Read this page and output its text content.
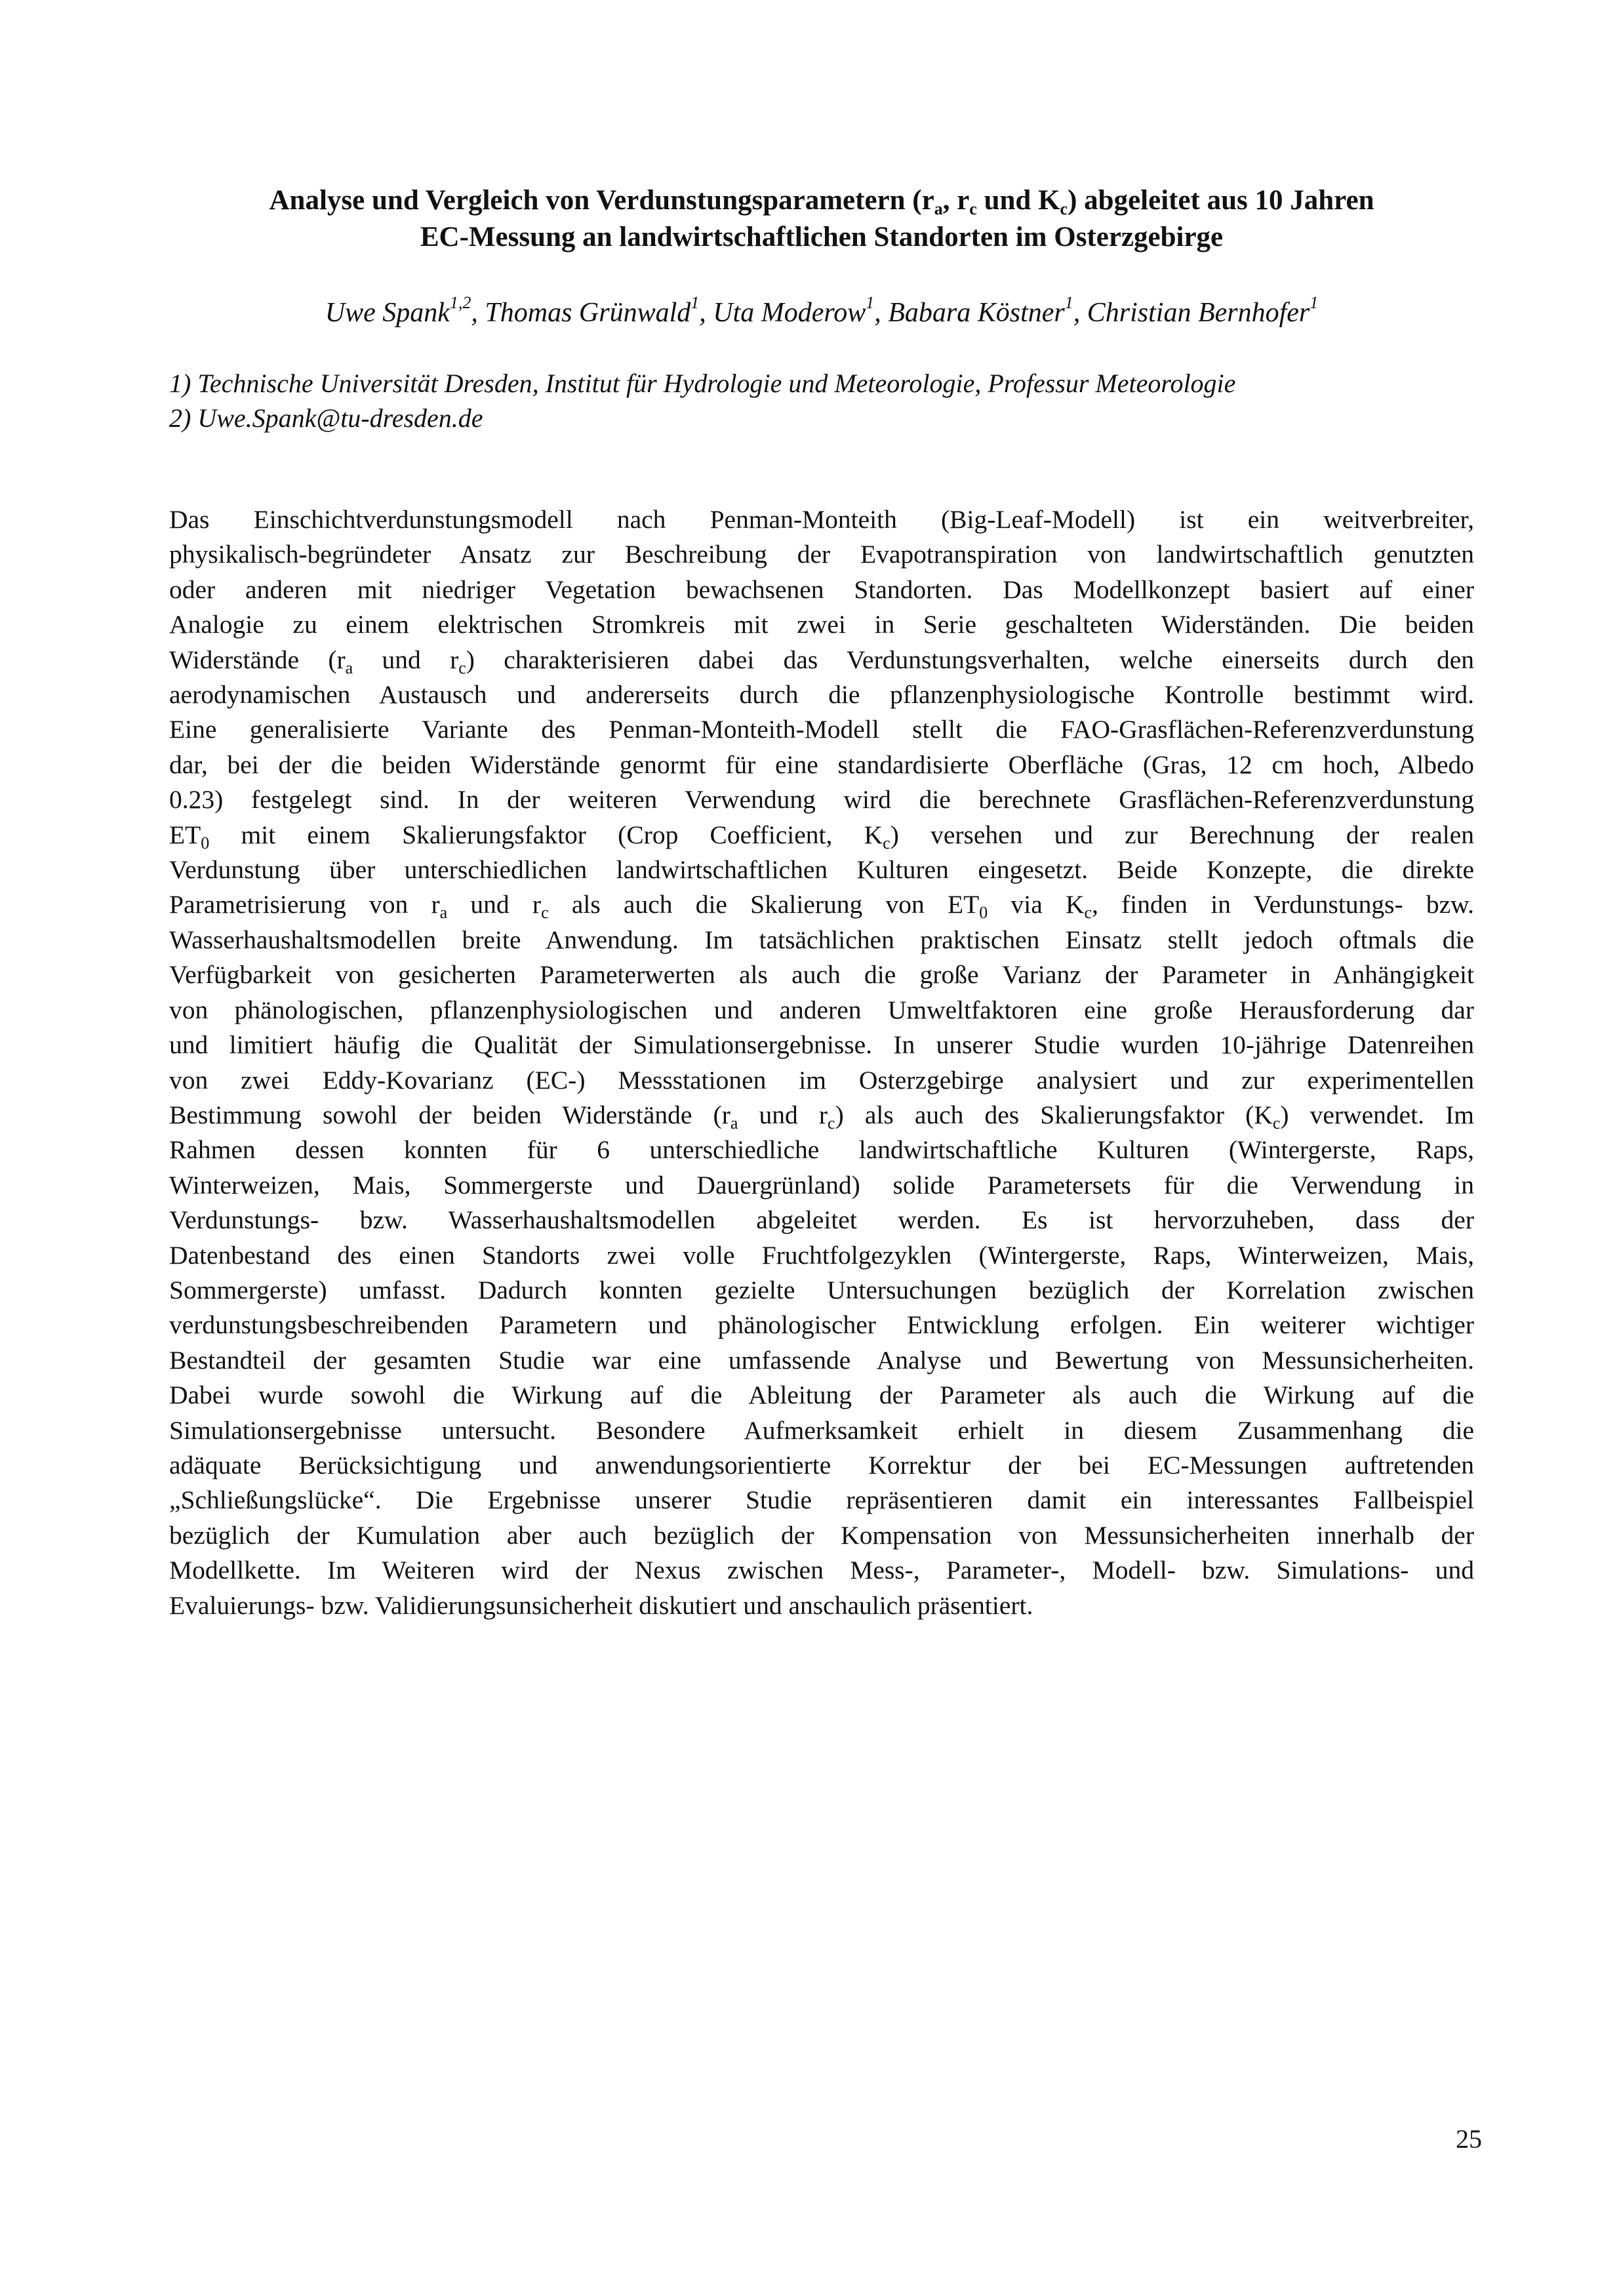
Analyse und Vergleich von Verdunstungsparametern ($r_a$, $r_c$ und $K_c$) abgeleitet aus 10 Jahren
EC-Messung an landwirtschaftlichen Standorten im Osterzgebirge
Uwe Spank$^{1,2}$, Thomas Grünwald$^1$, Uta Moderow$^1$, Babara Köstner$^1$, Christian Bernhofer$^1$
1) Technische Universität Dresden, Institut für Hydrologie und Meteorologie, Professur Meteorologie
2) Uwe.Spank@tu-dresden.de
Das Einschichtverdunstungsmodell nach Penman-Monteith (Big-Leaf-Modell) ist ein weitverbreiter,
physikalisch-begründeter Ansatz zur Beschreibung der Evapotranspiration von landwirtschaftlich genutzten
oder anderen mit niedriger Vegetation bewachsenen Standorten. Das Modellkonzept basiert auf einer
Analogie zu einem elektrischen Stromkreis mit zwei in Serie geschalteten Widerständen. Die beiden
Widerstände ($r_a$ und $r_c$) charakterisieren dabei das Verdunstungsverhalten, welche einerseits durch den
aerodynamischen Austausch und andererseits durch die pflanzenphysiologische Kontrolle bestimmt wird.
Eine generalisierte Variante des Penman-Monteith-Modell stellt die FAO-Grasflächen-Referenzverdunstung
dar, bei der die beiden Widerstände genormt für eine standardisierte Oberfläche (Gras, 12 cm hoch, Albedo
0.23) festgelegt sind. In der weiteren Verwendung wird die berechnete Grasflächen-Referenzverdunstung
$ET_0$ mit einem Skalierungsfaktor (Crop Coefficient, $K_c$) versehen und zur Berechnung der realen
Verdunstung über unterschiedlichen landwirtschaftlichen Kulturen eingesetzt. Beide Konzepte, die direkte
Parametrisierung von $r_a$ und $r_c$ als auch die Skalierung von $ET_0$ via $K_c$, finden in Verdunstungs- bzw.
Wasserhaushaltsmodellen breite Anwendung. Im tatsächlichen praktischen Einsatz stellt jedoch oftmals die
Verfügbarkeit von gesicherten Parameterwerten als auch die große Varianz der Parameter in Anhängigkeit
von phänologischen, pflanzenphysiologischen und anderen Umweltfaktoren eine große Herausforderung dar
und limitiert häufig die Qualität der Simulationsergebnisse. In unserer Studie wurden 10-jährige Datenreihen
von zwei Eddy-Kovarianz (EC-) Messstationen im Osterzgebirge analysiert und zur experimentellen
Bestimmung sowohl der beiden Widerstände ($r_a$ und $r_c$) als auch des Skalierungsfaktor $(K_c)$ verwendet. Im
Rahmen dessen konnten für 6 unterschiedliche landwirtschaftliche Kulturen (Wintergerste, Raps,
Winterweizen, Mais, Sommergerste und Dauergrünland) solide Parametersets für die Verwendung in
Verdunstungs- bzw. Wasserhaushaltsmodellen abgeleitet werden. Es ist hervorzuheben, dass der
Datenbestand des einen Standorts zwei volle Fruchtfolgezyklen (Wintergerste, Raps, Winterweizen, Mais,
Sommergerste) umfasst. Dadurch konnten gezielte Untersuchungen bezüglich der Korrelation zwischen
verdunstungsbeschreibenden Parametern und phänologischer Entwicklung erfolgen. Ein weiterer wichtiger
Bestandteil der gesamten Studie war eine umfassende Analyse und Bewertung von Messunsicherheiten.
Dabei wurde sowohl die Wirkung auf die Ableitung der Parameter als auch die Wirkung auf die
Simulationsergebnisse untersucht. Besondere Aufmerksamkeit erhielt in diesem Zusammenhang die
adäquate Berücksichtigung und anwendungsorientierte Korrektur der bei EC-Messungen auftretenden
„Schließungslücke“. Die Ergebnisse unserer Studie repräsentieren damit ein interessantes Fallbeispiel
bezüglich der Kumulation aber auch bezüglich der Kompensation von Messunsicherheiten innerhalb der
Modellkette. Im Weiteren wird der Nexus zwischen Mess-, Parameter-, Modell- bzw. Simulations- und
Evaluierungs- bzw. Validierungsunsicherheit diskutiert und anschaulich präsentiert.
25
